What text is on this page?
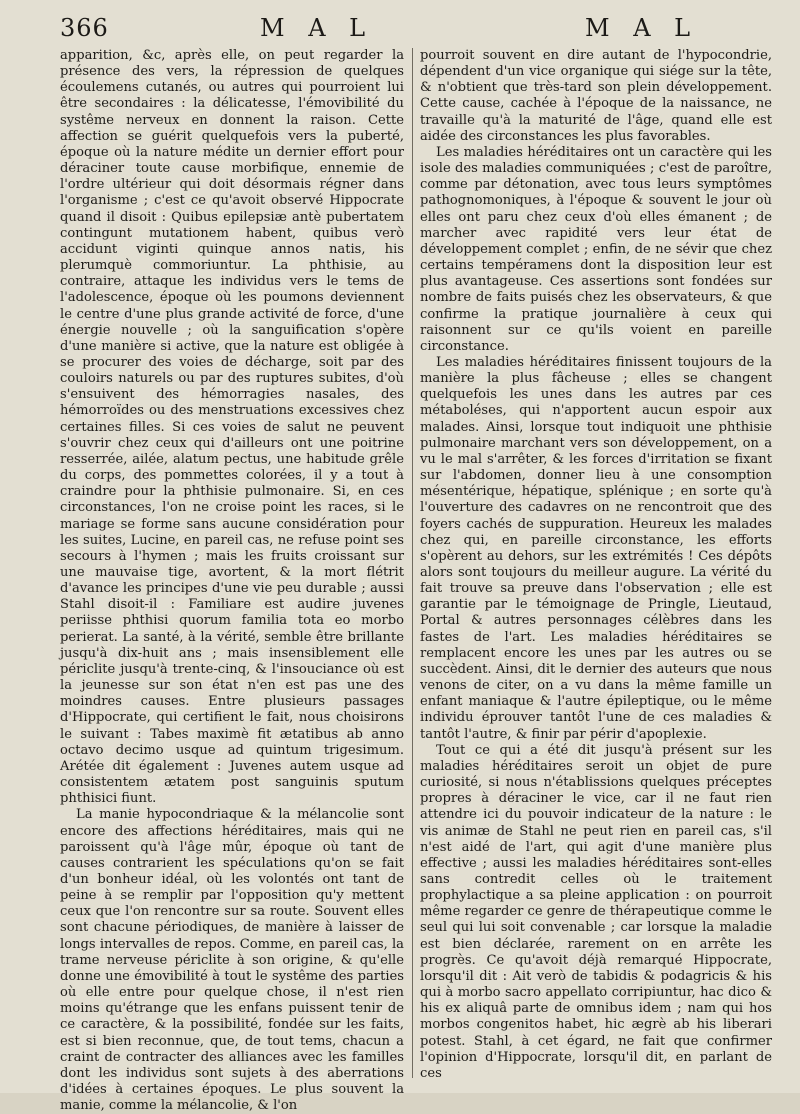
366	M A L	M A L

apparition, &c, après elle, on peut regarder la présence des vers, la répression de quelques écoulemens cutanés, ou autres qui pourroient lui être secondaires : la délicatesse, l'émovibilité du systême nerveux en donnent la raison. Cette affection se guérit quelquefois vers la puberté, époque où la nature médite un dernier effort pour déraciner toute cause morbifique, ennemie de l'ordre ultérieur qui doit désormais régner dans l'organisme ; c'est ce qu'avoit observé Hippocrate quand il disoit : Quibus epilepsiæ antè pubertatem contingunt mutationem habent, quibus verò accidunt viginti quinque annos natis, his plerumquè commoriuntur. La phthisie, au contraire, attaque les individus vers le tems de l'adolescence, époque où les poumons deviennent le centre d'une plus grande activité de force, d'une énergie nouvelle ; où la sanguification s'opère d'une manière si active, que la nature est obligée à se procurer des voies de décharge, soit par des couloirs naturels ou par des ruptures subites, d'où s'ensuivent des hémorragies nasales, des hémorroïdes ou des menstruations excessives chez certaines filles. Si ces voies de salut ne peuvent s'ouvrir chez ceux qui d'ailleurs ont une poitrine resserrée, ailée, alatum pectus, une habitude grêle du corps, des pommettes colorées, il y a tout à craindre pour la phthisie pulmonaire. Si, en ces circonstances, l'on ne croise point les races, si le mariage se forme sans aucune considération pour les suites, Lucine, en pareil cas, ne refuse point ses secours à l'hymen ; mais les fruits croissant sur une mauvaise tige, avortent, & la mort flétrit d'avance les principes d'une vie peu durable ; aussi Stahl disoit-il : Familiare est audire juvenes periisse phthisi quorum familia tota eo morbo perierat. La santé, à la vérité, semble être brillante jusqu'à dix-huit ans ; mais insensiblement elle périclite jusqu'à trente-cinq, & l'insouciance où est la jeunesse sur son état n'en est pas une des moindres causes. Entre plusieurs passages d'Hippocrate, qui certifient le fait, nous choisirons le suivant : Tabes maximè fit ætatibus ab anno octavo decimo usque ad quintum trigesimum. Arétée dit également : Juvenes autem usque ad consistentem ætatem post sanguinis sputum phthisici fiunt.

La manie hypocondriaque & la mélancolie sont encore des affections héréditaires, mais qui ne paroissent qu'à l'âge mûr, époque où tant de causes contrarient les spéculations qu'on se fait d'un bonheur idéal, où les volontés ont tant de peine à se remplir par l'opposition qu'y mettent ceux que l'on rencontre sur sa route. Souvent elles sont chacune périodiques, de manière à laisser de longs intervalles de repos. Comme, en pareil cas, la trame nerveuse périclite à son origine, & qu'elle donne une émovibilité à tout le systême des parties où elle entre pour quelque chose, il n'est rien moins qu'étrange que les enfans puissent tenir de ce caractère, & la possibilité, fondée sur les faits, est si bien reconnue, que, de tout tems, chacun a craint de contracter des alliances avec les familles dont les individus sont sujets à des aberrations d'idées à certaines époques. Le plus souvent la manie, comme la mélancolie, & l'on

pourroit souvent en dire autant de l'hypocondrie, dépendent d'un vice organique qui siége sur la tête, & n'obtient que très-tard son plein développement. Cette cause, cachée à l'époque de la naissance, ne travaille qu'à la maturité de l'âge, quand elle est aidée des circonstances les plus favorables.

Les maladies héréditaires ont un caractère qui les isole des maladies communiquées ; c'est de paroître, comme par détonation, avec tous leurs symptômes pathognomoniques, à l'époque & souvent le jour où elles ont paru chez ceux d'où elles émanent ; de marcher avec rapidité vers leur état de développement complet ; enfin, de ne sévir que chez certains tempéramens dont la disposition leur est plus avantageuse. Ces assertions sont fondées sur nombre de faits puisés chez les observateurs, & que confirme la pratique journalière à ceux qui raisonnent sur ce qu'ils voient en pareille circonstance.

Les maladies héréditaires finissent toujours de la manière la plus fâcheuse ; elles se changent quelquefois les unes dans les autres par ces métaboléses, qui n'apportent aucun espoir aux malades. Ainsi, lorsque tout indiquoit une phthisie pulmonaire marchant vers son développement, on a vu le mal s'arrêter, & les forces d'irritation se fixant sur l'abdomen, donner lieu à une consomption mésentérique, hépatique, splénique ; en sorte qu'à l'ouverture des cadavres on ne rencontroit que des foyers cachés de suppuration. Heureux les malades chez qui, en pareille circonstance, les efforts s'opèrent au dehors, sur les extrémités ! Ces dépôts alors sont toujours du meilleur augure. La vérité du fait trouve sa preuve dans l'observation ; elle est garantie par le témoignage de Pringle, Lieutaud, Portal & autres personnages célèbres dans les fastes de l'art. Les maladies héréditaires se remplacent encore les unes par les autres ou se succèdent. Ainsi, dit le dernier des auteurs que nous venons de citer, on a vu dans la même famille un enfant maniaque & l'autre épileptique, ou le même individu éprouver tantôt l'une de ces maladies & tantôt l'autre, & finir par périr d'apoplexie.

Tout ce qui a été dit jusqu'à présent sur les maladies héréditaires seroit un objet de pure curiosité, si nous n'établissions quelques préceptes propres à déraciner le vice, car il ne faut rien attendre ici du pouvoir indicateur de la nature : le vis animæ de Stahl ne peut rien en pareil cas, s'il n'est aidé de l'art, qui agit d'une manière plus effective ; aussi les maladies héréditaires sont-elles sans contredit celles où le traitement prophylactique a sa pleine application : on pourroit même regarder ce genre de thérapeutique comme le seul qui lui soit convenable ; car lorsque la maladie est bien déclarée, rarement on en arrête les progrès. Ce qu'avoit déjà remarqué Hippocrate, lorsqu'il dit : Ait verò de tabidis & podagricis & his qui à morbo sacro appellato corripiuntur, hac dico & his ex aliquâ parte de omnibus idem ; nam qui hos morbos congenitos habet, hic ægrè ab his liberari potest. Stahl, à cet égard, ne fait que confirmer l'opinion d'Hippocrate, lorsqu'il dit, en parlant de ces
